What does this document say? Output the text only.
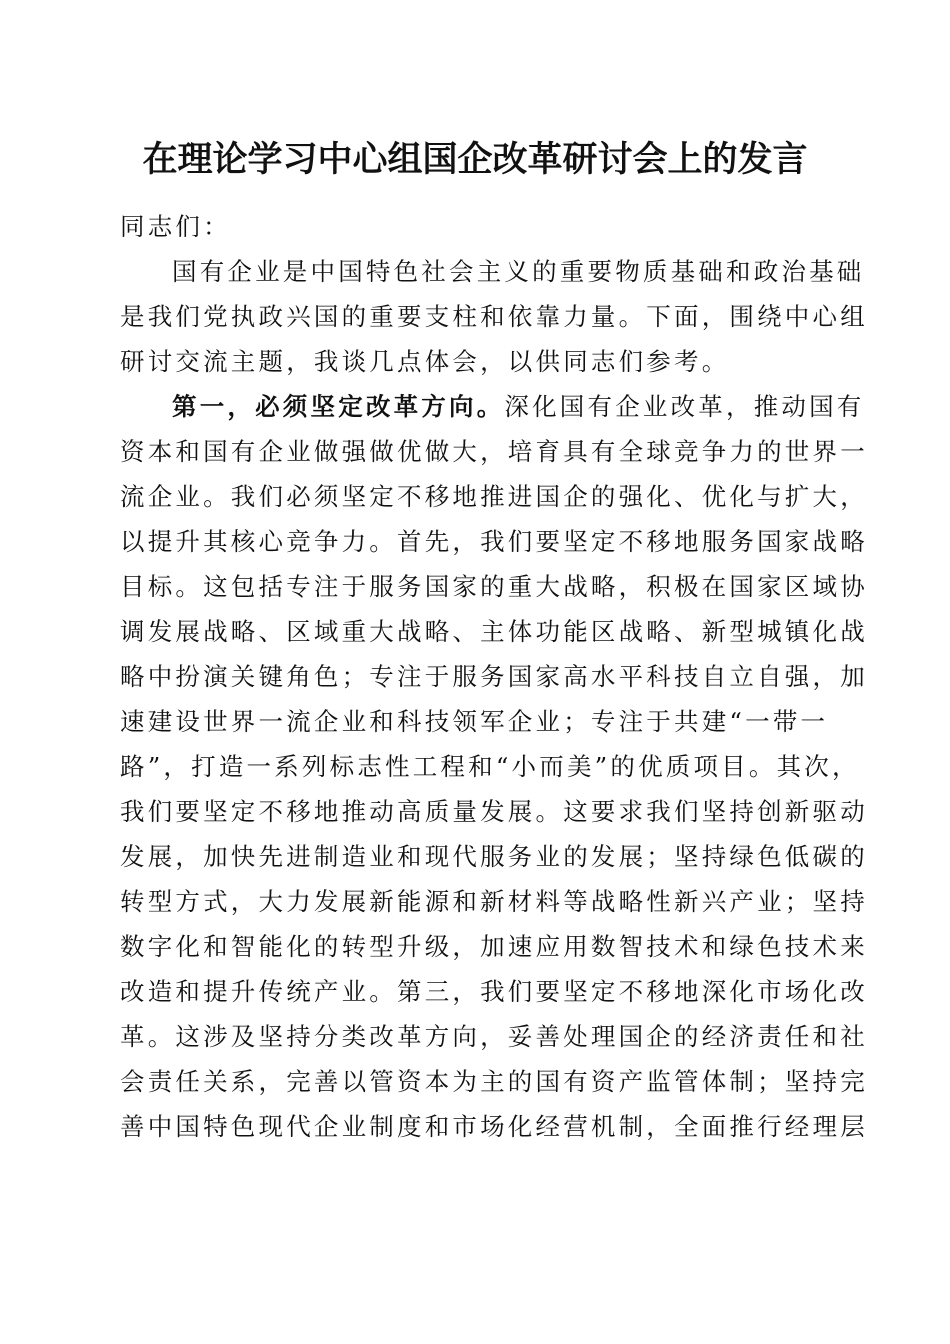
在理论学习中心组国企改革研讨会上的发言
同志们：
国有企业是中国特色社会主义的重要物质基础和政治基础
是我们党执政兴国的重要支柱和依靠力量。下面，围绕中心组
研讨交流主题，我谈几点体会，以供同志们参考。
第一，必须坚定改革方向。深化国有企业改革，推动国有
资本和国有企业做强做优做大，培育具有全球竞争力的世界一
流企业。我们必须坚定不移地推进国企的强化、优化与扩大，
以提升其核心竞争力。首先，我们要坚定不移地服务国家战略
目标。这包括专注于服务国家的重大战略，积极在国家区域协
调发展战略、区域重大战略、主体功能区战略、新型城镇化战
略中扮演关键角色；专注于服务国家高水平科技自立自强，加
速建设世界一流企业和科技领军企业；专注于共建“一带一
路”，打造一系列标志性工程和“小而美”的优质项目。其次，
我们要坚定不移地推动高质量发展。这要求我们坚持创新驱动
发展，加快先进制造业和现代服务业的发展；坚持绿色低碳的
转型方式，大力发展新能源和新材料等战略性新兴产业；坚持
数字化和智能化的转型升级，加速应用数智技术和绿色技术来
改造和提升传统产业。第三，我们要坚定不移地深化市场化改
革。这涉及坚持分类改革方向，妥善处理国企的经济责任和社
会责任关系，完善以管资本为主的国有资产监管体制；坚持完
善中国特色现代企业制度和市场化经营机制，全面推行经理层
